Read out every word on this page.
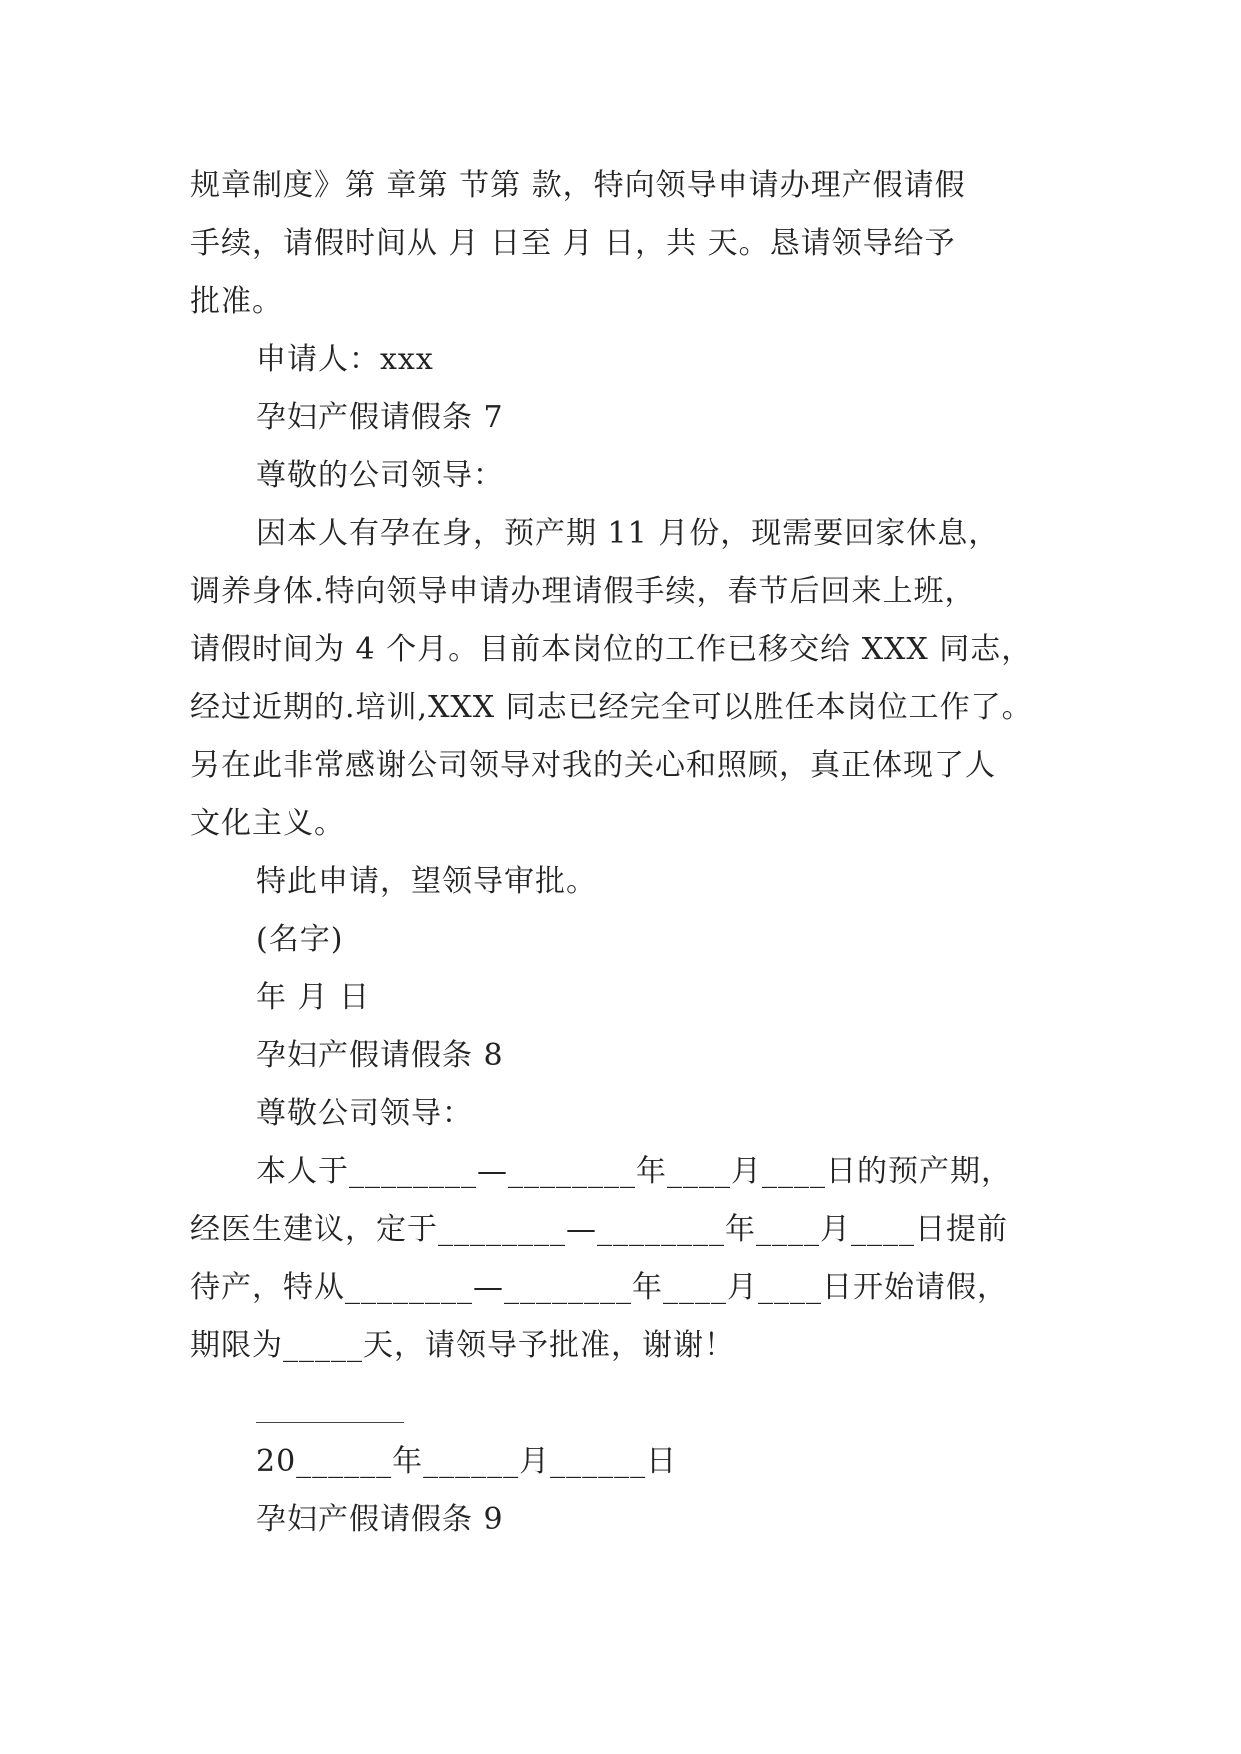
规章制度》第 章第 节第 款，特向领导申请办理产假请假
手续，请假时间从 月 日至 月 日，共 天。恳请领导给予
批准。
申请人：xxx
孕妇产假请假条 7
尊敬的公司领导：
因本人有孕在身，预产期 11 月份，现需要回家休息，
调养身体.特向领导申请办理请假手续，春节后回来上班，
请假时间为 4 个月。目前本岗位的工作已移交给 XXX 同志，
经过近期的.培训,XXX 同志已经完全可以胜任本岗位工作了。
另在此非常感谢公司领导对我的关心和照顾，真正体现了人
文化主义。
特此申请，望领导审批。
(名字)
年 月 日
孕妇产假请假条 8
尊敬公司领导：
本人于________—________年____月____日的预产期，
经医生建议，定于________—________年____月____日提前
待产，特从________—________年____月____日开始请假，
期限为_____天，请领导予批准，谢谢！
20______年______月______日
孕妇产假请假条 9
